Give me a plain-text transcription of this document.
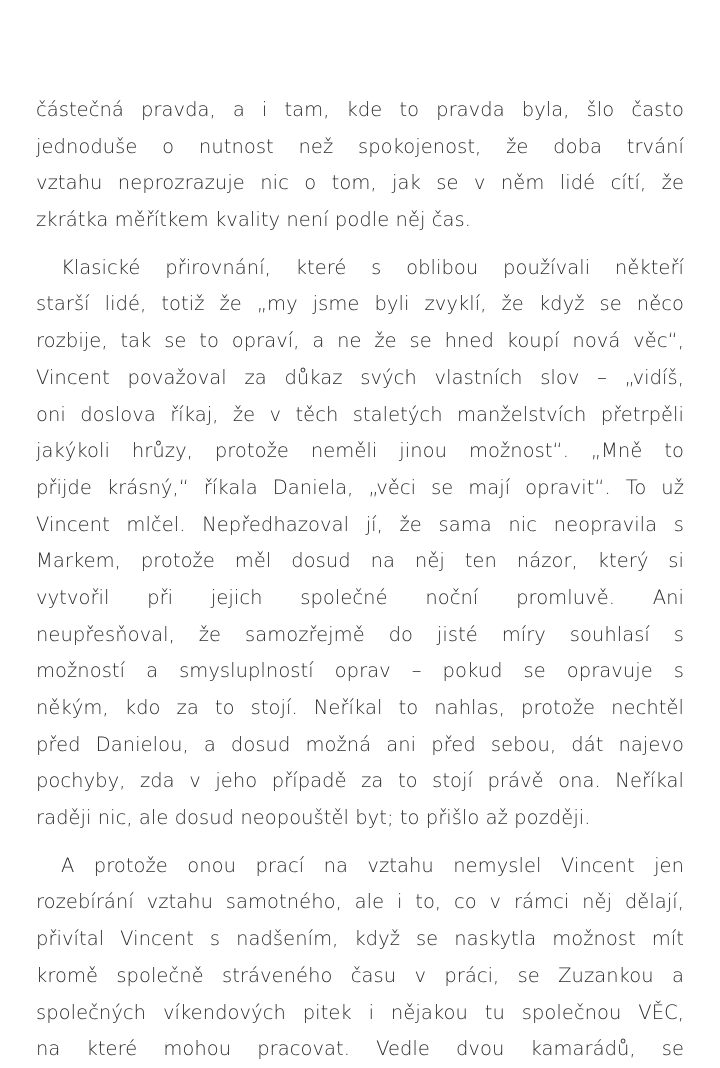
částečná pravda, a i tam, kde to pravda byla, šlo často
jednoduše o nutnost než spokojenost, že doba trvání
vztahu neprozrazuje nic o tom, jak se v něm lidé cítí, že
zkrátka měřítkem kvality není podle něj čas.
Klasické přirovnání, které s oblibou používali někteří
starší lidé, totiž že „my jsme byli zvyklí, že když se něco
rozbije, tak se to opraví, a ne že se hned koupí nová věc“,
Vincent považoval za důkaz svých vlastních slov – „vidíš,
oni doslova říkaj, že v těch staletých manželstvích přetrpěli
jakýkoli hrůzy, protože neměli jinou možnost“. „Mně to
přijde krásný,“ říkala Daniela, „věci se mají opravit“. To už
Vincent mlčel. Nepředhazoval jí, že sama nic neopravila s
Markem, protože měl dosud na něj ten názor, který si
vytvořil při jejich společné noční promluvě. Ani
neupřesňoval, že samozřejmě do jisté míry souhlasí s
možností a smysluplností oprav – pokud se opravuje s
někým, kdo za to stojí. Neříkal to nahlas, protože nechtěl
před Danielou, a dosud možná ani před sebou, dát najevo
pochyby, zda v jeho případě za to stojí právě ona. Neříkal
raději nic, ale dosud neopouštěl byt; to přišlo až později.
A protože onou prací na vztahu nemyslel Vincent jen
rozebírání vztahu samotného, ale i to, co v rámci něj dělají,
přivítal Vincent s nadšením, když se naskytla možnost mít
kromě společně stráveného času v práci, se Zuzankou a
společných víkendových pitek i nějakou tu společnou VĚC,
na které mohou pracovat. Vedle dvou kamarádů, se
